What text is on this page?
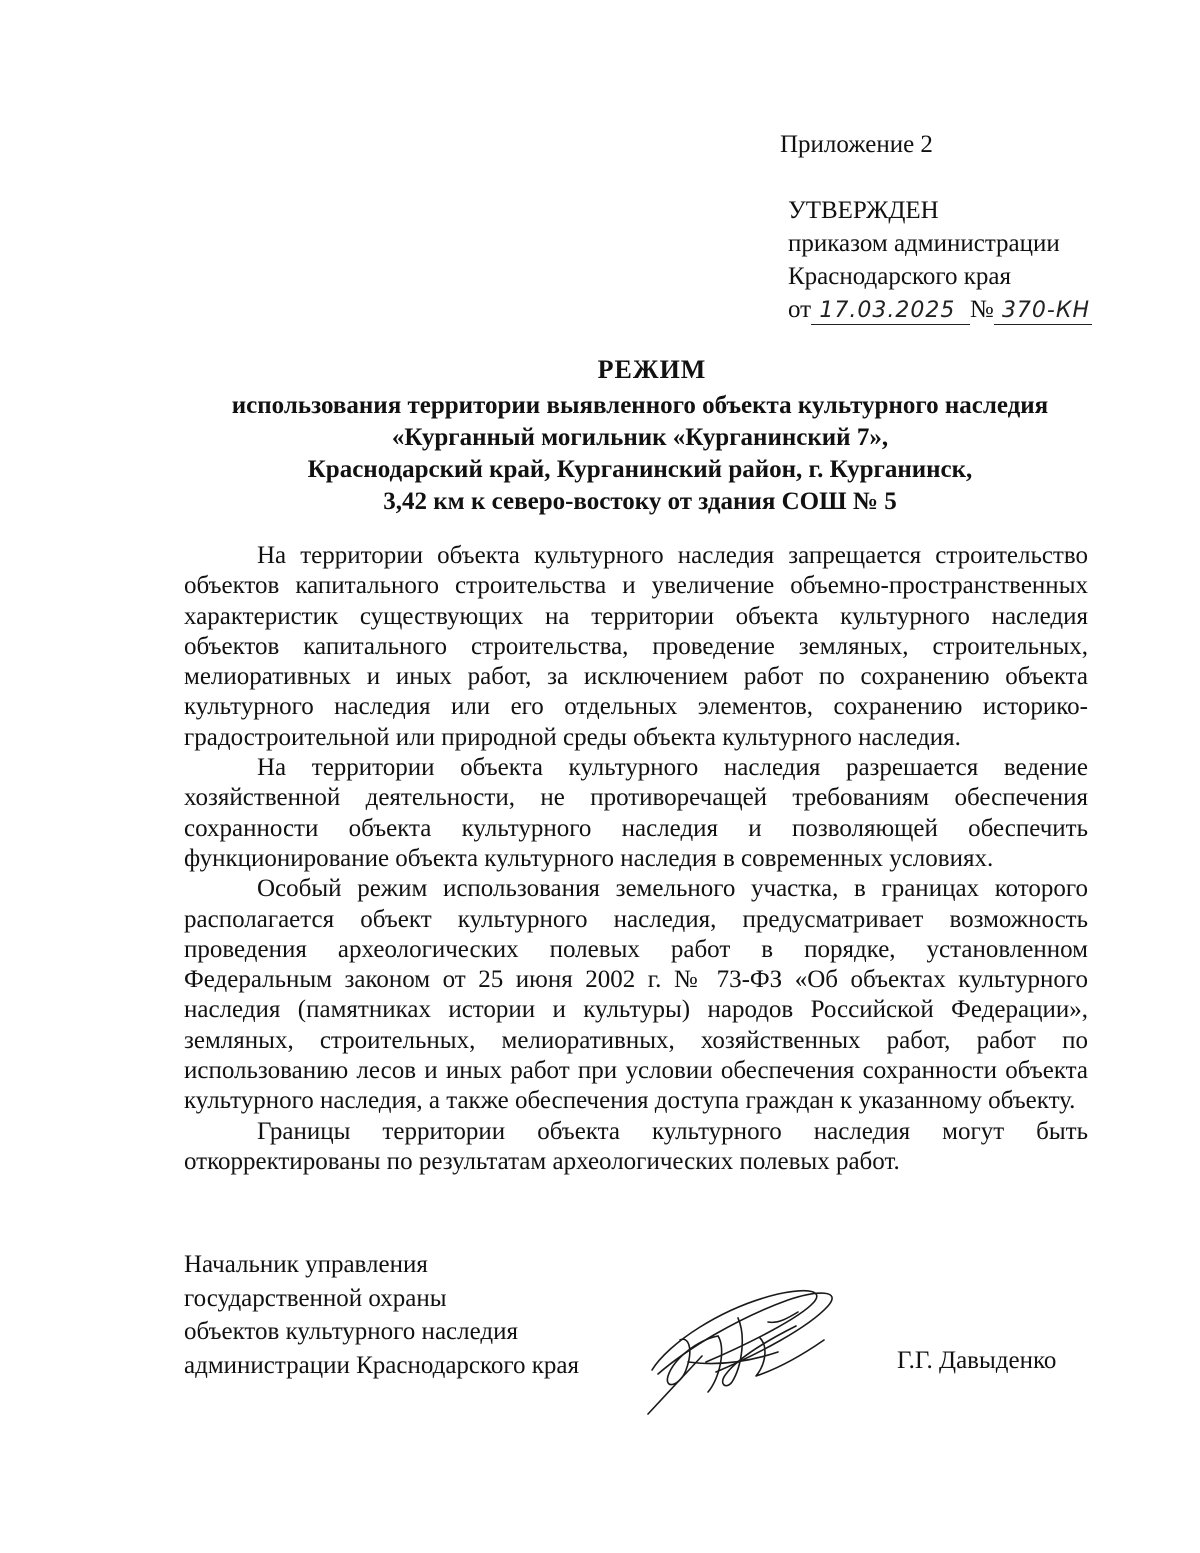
Приложение 2
УТВЕРЖДЕН
приказом администрации
Краснодарского края
от 17.03.2025 № 370-КН
РЕЖИМ
использования территории выявленного объекта культурного наследия
«Курганный могильник «Курганинский 7»,
Краснодарский край, Курганинский район, г. Курганинск,
3,42 км к северо-востоку от здания СОШ № 5

На территории объекта культурного наследия запрещается строительство объектов капитального строительства и увеличение объемно-пространственных характеристик существующих на территории объекта культурного наследия объектов капитального строительства, проведение земляных, строительных, мелиоративных и иных работ, за исключением работ по сохранению объекта культурного наследия или его отдельных элементов, сохранению историко-градостроительной или природной среды объекта культурного наследия.

На территории объекта культурного наследия разрешается ведение хозяйственной деятельности, не противоречащей требованиям обеспечения сохранности объекта культурного наследия и позволяющей обеспечить функционирование объекта культурного наследия в современных условиях.

Особый режим использования земельного участка, в границах которого располагается объект культурного наследия, предусматривает возможность проведения археологических полевых работ в порядке, установленном Федеральным законом от 25 июня 2002 г. № 73-ФЗ «Об объектах культурного наследия (памятниках истории и культуры) народов Российской Федерации», земляных, строительных, мелиоративных, хозяйственных работ, работ по использованию лесов и иных работ при условии обеспечения сохранности объекта культурного наследия, а также обеспечения доступа граждан к указанному объекту.

Границы территории объекта культурного наследия могут быть откорректированы по результатам археологических полевых работ.

Начальник управления
государственной охраны
объектов культурного наследия
администрации Краснодарского края	Г.Г. Давыденко
